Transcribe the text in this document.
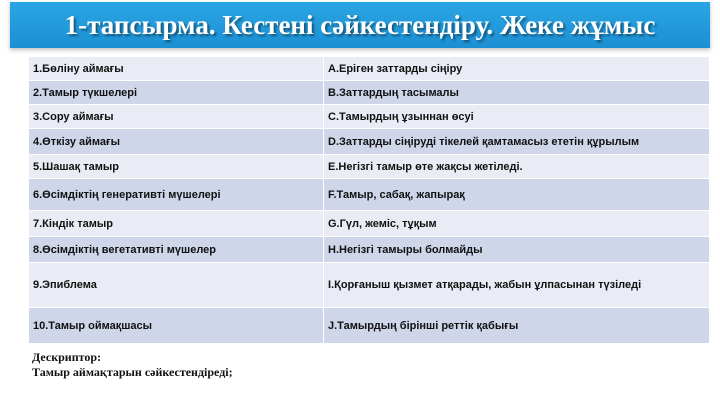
1-тапсырма. Кестені сәйкестендіру. Жеке жұмыс
1.Бөліну аймағы	А.Еріген заттарды сіңіру
2.Тамыр түкшелері	В.Заттардың тасымалы
3.Сору аймағы	С.Тамырдың ұзыннан өсуі
4.Өткізу аймағы	D.Заттарды сіңіруді тікелей қамтамасыз ететін құрылым
5.Шашақ тамыр	Е.Негізгі тамыр өте жақсы жетіледі.
6.Өсімдіктің генеративті мүшелері	F.Тамыр, сабақ, жапырақ
7.Кіндік тамыр	G.Гүл, жеміс, тұқым
8.Өсімдіктің вегетативті мүшелер	H.Негізгі тамыры болмайды
9.Эпиблема	I.Қорғаныш қызмет атқарады, жабын ұлпасынан түзіледі
10.Тамыр оймақшасы	J.Тамырдың бірінші реттік қабығы
Дескриптор:
Тамыр аймақтарын сәйкестендіреді;
